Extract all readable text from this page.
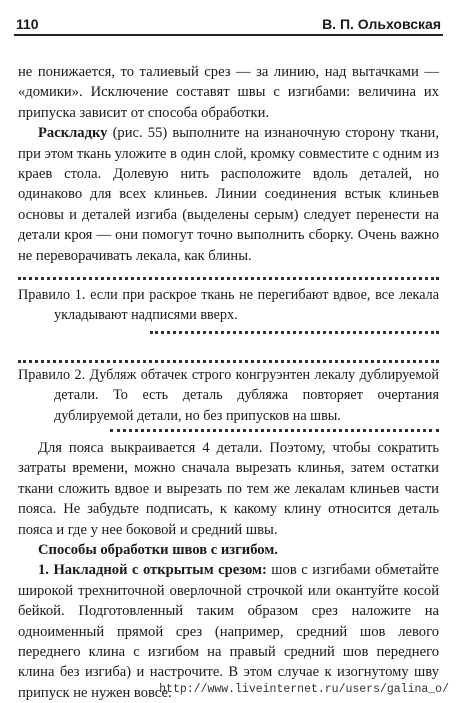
110	В. П. Ольховская

не понижается, то талиевый срез — за линию, над вытачками — «домики». Исключение составят швы с изгибами: величина их припуска зависит от способа обработки.

Раскладку (рис. 55) выполните на изнаночную сторону ткани, при этом ткань уложите в один слой, кромку совместите с одним из краев стола. Долевую нить расположите вдоль деталей, но одинаково для всех клиньев. Линии соединения встык клиньев основы и деталей изгиба (выделены серым) следует перенести на детали кроя — они помогут точно выполнить сборку. Очень важно не переворачивать лекала, как блины.

Правило 1. если при раскрое ткань не перегибают вдвое, все лекала укладывают надписями вверх.

Правило 2. Дубляж обтачек строго конгруэнтен лекалу дублируемой детали. То есть деталь дубляжа повторяет очертания дублируемой детали, но без припусков на швы.

Для пояса выкраивается 4 детали. Поэтому, чтобы сократить затраты времени, можно сначала вырезать клинья, затем остатки ткани сложить вдвое и вырезать по тем же лекалам клиньев части пояса. Не забудьте подписать, к какому клину относится деталь пояса и где у нее боковой и средний швы.

Способы обработки швов с изгибом.

1. Накладной с открытым срезом: шов с изгибами обметайте широкой трехниточной оверлочной строчкой или окантуйте косой бейкой. Подготовленный таким образом срез наложите на одноименный прямой срез (например, средний шов левого переднего клина с изгибом на правый средний шов переднего клина без изгиба) и настрочите. В этом случае к изогнутому шву припуск не нужен вовсе.

http://www.liveinternet.ru/users/galina_o/
